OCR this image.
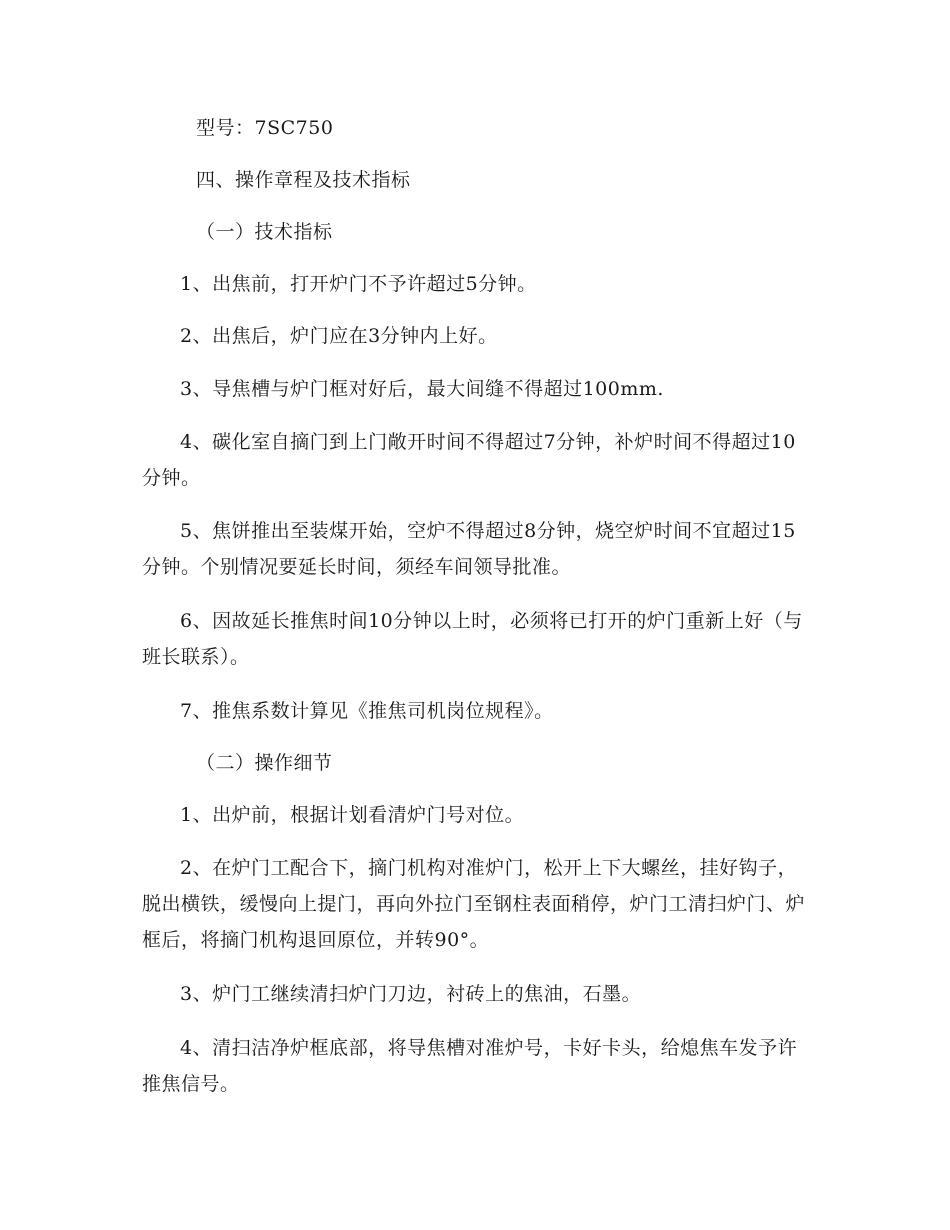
型号：7SC750

四、操作章程及技术指标

（一）技术指标

1、出焦前，打开炉门不予许超过5分钟。

2、出焦后，炉门应在3分钟内上好。

3、导焦槽与炉门框对好后，最大间缝不得超过100mm.

4、碳化室自摘门到上门敞开时间不得超过7分钟，补炉时间不得超过10分钟。

5、焦饼推出至装煤开始，空炉不得超过8分钟，烧空炉时间不宜超过15分钟。个别情况要延长时间，须经车间领导批准。

6、因故延长推焦时间10分钟以上时，必须将已打开的炉门重新上好（与班长联系）。

7、推焦系数计算见《推焦司机岗位规程》。

（二）操作细节

1、出炉前，根据计划看清炉门号对位。

2、在炉门工配合下，摘门机构对准炉门，松开上下大螺丝，挂好钩子，脱出横铁，缓慢向上提门，再向外拉门至钢柱表面稍停，炉门工清扫炉门、炉框后，将摘门机构退回原位，并转90°。

3、炉门工继续清扫炉门刀边，衬砖上的焦油，石墨。

4、清扫洁净炉框底部，将导焦槽对准炉号，卡好卡头，给熄焦车发予许推焦信号。
